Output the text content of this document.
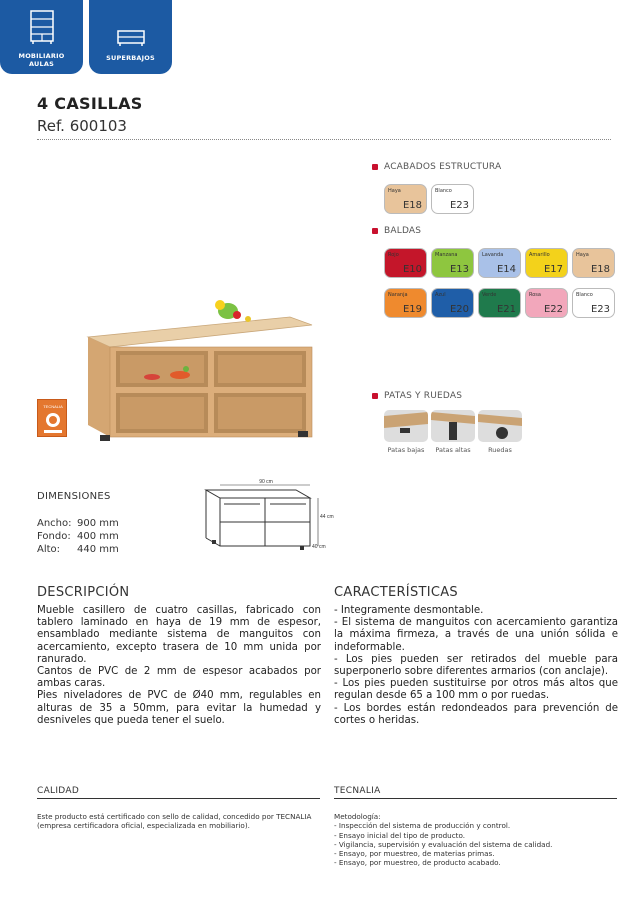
MOBILIARIO
AULAS
SUPERBAJOS
4 CASILLAS
Ref. 600103
TECNALIA
ACABADOS ESTRUCTURA
Haya
E18
Blanco
E23
BALDAS
Rojo
E10
Manzana
E13
Lavanda
E14
Amarillo
E17
Haya
E18
Naranja
E19
Azul
E20
Verde
E21
Rosa
E22
Blanco
E23
PATAS Y RUEDAS
Patas bajas	Patas altas	Ruedas
DIMENSIONES
Ancho: 900 mm
Fondo: 400 mm
Alto: 440 mm
90 cm
44 cm
40 cm
DESCRIPCIÓN

Mueble casillero de cuatro casillas, fabricado con tablero laminado en haya de 19 mm de espesor, ensamblado mediante sistema de manguitos con acercamiento, excepto trasera de 10 mm unida por ranurado.

Cantos de PVC de 2 mm de espesor acabados por ambas caras.

Pies niveladores de PVC de Ø40 mm, regulables en alturas de 35 a 50mm, para evitar la humedad y desniveles que pueda tener el suelo.

CARACTERÍSTICAS

- Integramente desmontable.

- El sistema de manguitos con acercamiento garantiza la máxima firmeza, a través de una unión sólida e indeformable.

- Los pies pueden ser retirados del mueble para superponerlo sobre diferentes armarios (con anclaje).

- Los pies pueden sustituirse por otros más altos que regulan desde 65 a 100 mm o por ruedas.

- Los bordes están redondeados para prevención de cortes o heridas.

CALIDAD
Este producto está certificado con sello de calidad, concedido por TECNALIA (empresa certificadora oficial, especializada en mobiliario).
TECNALIA

Metodología:

- Inspección del sistema de producción y control.

- Ensayo inicial del tipo de producto.

- Vigilancia, supervisión y evaluación del sistema de calidad.

- Ensayo, por muestreo, de materias primas.

- Ensayo, por muestreo, de producto acabado.
